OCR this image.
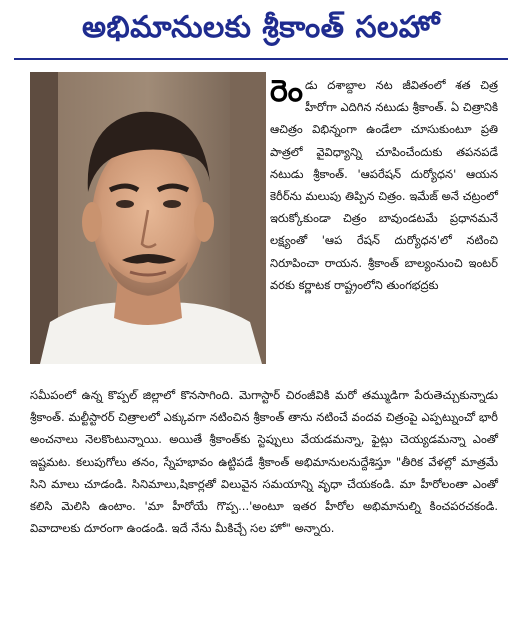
అభిమానులకు శ్రీకాంత్ సలహో

రెండు దశాబ్దాల నట జీవితంలో శత చిత్ర హీరోగా ఎదిగిన నటుడు శ్రీకాంత్. ఏ చిత్రానికి ఆచిత్రం విభిన్నంగా ఉండేలా చూసుకుంటూ ప్రతి పాత్రలో వైవిధ్యాన్ని చూపించేందుకు తపనపడే నటుడు శ్రీకాంత్. 'ఆపరేషన్ దుర్యోధన' ఆయన కెరీర్‌ను మలుపు తిప్పిన చిత్రం. ఇమేజ్ అనే చట్రంలో ఇరుక్కోకుండా చిత్రం బావుండటమే ప్రధానమనే లక్ష్యంతో 'ఆప రేషన్ దుర్యోధన'లో నటించి నిరూపించా రాయన. శ్రీకాంత్ బాల్యంనుంచి ఇంటర్ వరకు కర్ణాటక రాష్ట్రంలోని తుంగభద్రకు

సమీపంలో ఉన్న కొప్పల్ జిల్లాలో కొనసాగింది. మెగాస్టార్ చిరంజీవికి మరో తమ్ముడిగా పేరుతెచ్చుకున్నాడు శ్రీకాంత్. మల్టీస్టారర్ చిత్రాలలో ఎక్కువగా నటించిన శ్రీకాంత్ తాను నటించే వందవ చిత్రంపై ఎప్పట్నుంచో భారీ అంచనాలు నెలకొంటున్నాయి. అయితే శ్రీకాంత్‌కు స్టెప్పులు వేయడమన్నా, ఫైట్లు చెయ్యడమన్నా ఎంతో ఇష్టమట. కలుపుగోలు తనం, స్నేహభావం ఉట్టిపడే శ్రీకాంత్ అభిమానులనుద్దేశిస్తూ "తీరిక వేళల్లో మాత్రమే సిని మాలు చూడండి. సినిమాలు,షికార్లతో విలువైన సమయాన్ని వృధా చేయకండి. మా హీరోలంతా ఎంతో కలిసి మెలిసి ఉంటాం. 'మా హీరోయే గొప్ప...'అంటూ ఇతర హీరోల అభిమానుల్ని కించపరచకండి. వివాదాలకు దూరంగా ఉండండి. ఇదే నేను మీకిచ్చే సల హో" అన్నారు.
